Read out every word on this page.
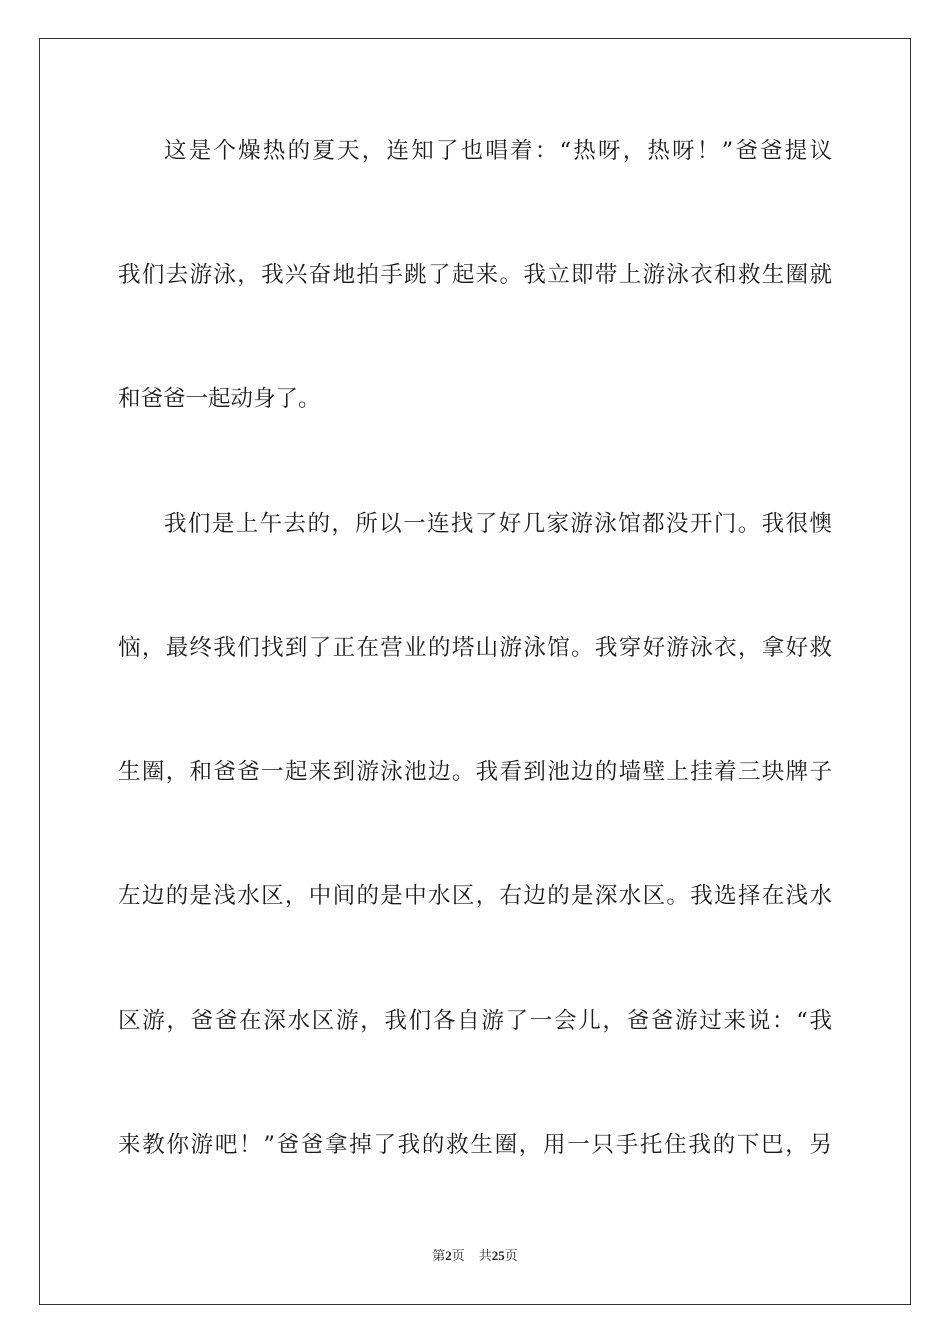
这是个燥热的夏天，连知了也唱着：“热呀，热呀！”爸爸提议
我们去游泳，我兴奋地拍手跳了起来。我立即带上游泳衣和救生圈就
和爸爸一起动身了。
我们是上午去的，所以一连找了好几家游泳馆都没开门。我很懊
恼，最终我们找到了正在营业的塔山游泳馆。我穿好游泳衣，拿好救
生圈，和爸爸一起来到游泳池边。我看到池边的墙壁上挂着三块牌子
左边的是浅水区，中间的是中水区，右边的是深水区。我选择在浅水
区游，爸爸在深水区游，我们各自游了一会儿，爸爸游过来说：“我
来教你游吧！”爸爸拿掉了我的救生圈，用一只手托住我的下巴，另
第2页 共25页
